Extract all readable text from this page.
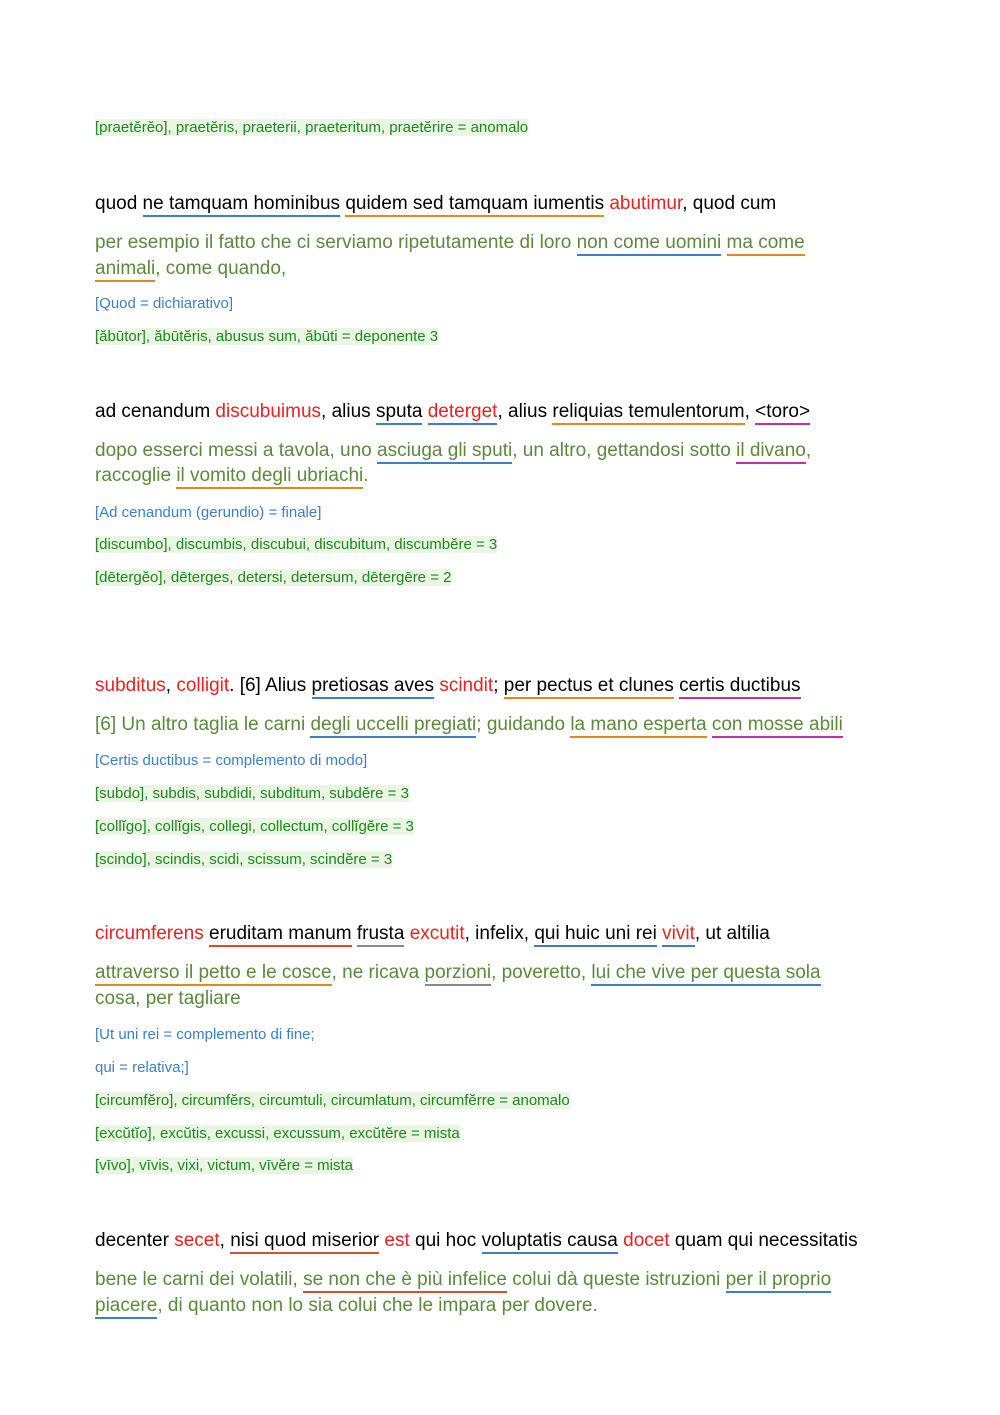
[praetĕrĕo], praetĕris, praeterii, praeteritum, praetĕrire = anomalo
quod ne tamquam hominibus quidem sed tamquam iumentis abutimur, quod cum
per esempio il fatto che ci serviamo ripetutamente di loro non come uomini ma come
animali, come quando,
[Quod = dichiarativo]
[ăbūtor], ăbūtĕris, abusus sum, ăbūti = deponente 3
ad cenandum discubuimus, alius sputa deterget, alius reliquias temulentorum, <toro>
dopo esserci messi a tavola, uno asciuga gli sputi, un altro, gettandosi sotto il divano,
raccoglie il vomito degli ubriachi.
[Ad cenandum (gerundio) = finale]
[discumbo], discumbis, discubui, discubitum, discumbĕre = 3
[dētergĕo], dēterges, detersi, detersum, dētergēre = 2
subditus, colligit. [6] Alius pretiosas aves scindit; per pectus et clunes certis ductibus
[6] Un altro taglia le carni degli uccelli pregiati; guidando la mano esperta con mosse abili
[Certis ductibus = complemento di modo]
[subdo], subdis, subdidi, subditum, subdĕre = 3
[collĭgo], collĭgis, collegi, collectum, collĭgĕre = 3
[scindo], scindis, scidi, scissum, scindĕre = 3
circumferens eruditam manum frusta excutit, infelix, qui huic uni rei vivit, ut altilia
attraverso il petto e le cosce, ne ricava porzioni, poveretto, lui che vive per questa sola
cosa, per tagliare
[Ut uni rei = complemento di fine;
qui = relativa;]
[circumfĕro], circumfĕrs, circumtuli, circumlatum, circumfĕrre = anomalo
[excŭtĭo], excŭtis, excussi, excussum, excŭtĕre = mista
[vīvo], vīvis, vixi, victum, vīvĕre = mista
decenter secet, nisi quod miserior est qui hoc voluptatis causa docet quam qui necessitatis
bene le carni dei volatili, se non che è più infelice colui dà queste istruzioni per il proprio
piacere, di quanto non lo sia colui che le impara per dovere.
